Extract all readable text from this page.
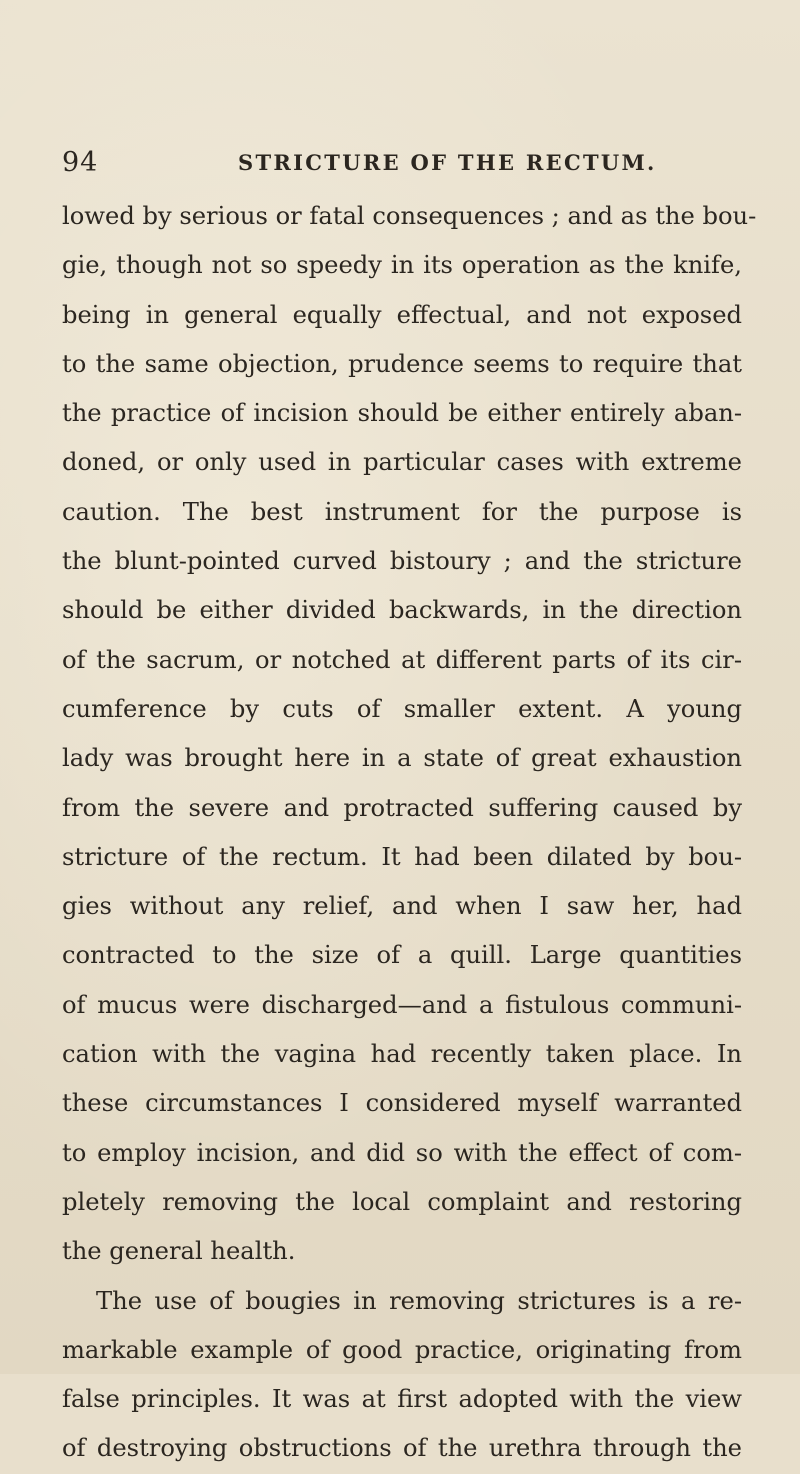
94	STRICTURE OF THE RECTUM.
lowed by serious or fatal consequences ; and as the bou-
gie, though not so speedy in its operation as the knife,
being in general equally effectual, and not exposed
to the same objection, prudence seems to require that
the practice of incision should be either entirely aban-
doned, or only used in particular cases with extreme
caution. The best instrument for the purpose is
the blunt-pointed curved bistoury ; and the stricture
should be either divided backwards, in the direction
of the sacrum, or notched at different parts of its cir-
cumference by cuts of smaller extent. A young
lady was brought here in a state of great exhaustion
from the severe and protracted suffering caused by
stricture of the rectum. It had been dilated by bou-
gies without any relief, and when I saw her, had
contracted to the size of a quill. Large quantities
of mucus were discharged—and a fistulous communi-
cation with the vagina had recently taken place. In
these circumstances I considered myself warranted
to employ incision, and did so with the effect of com-
pletely removing the local complaint and restoring
the general health.
The use of bougies in removing strictures is a re-
markable example of good practice, originating from
false principles. It was at first adopted with the view
of destroying obstructions of the urethra through the
